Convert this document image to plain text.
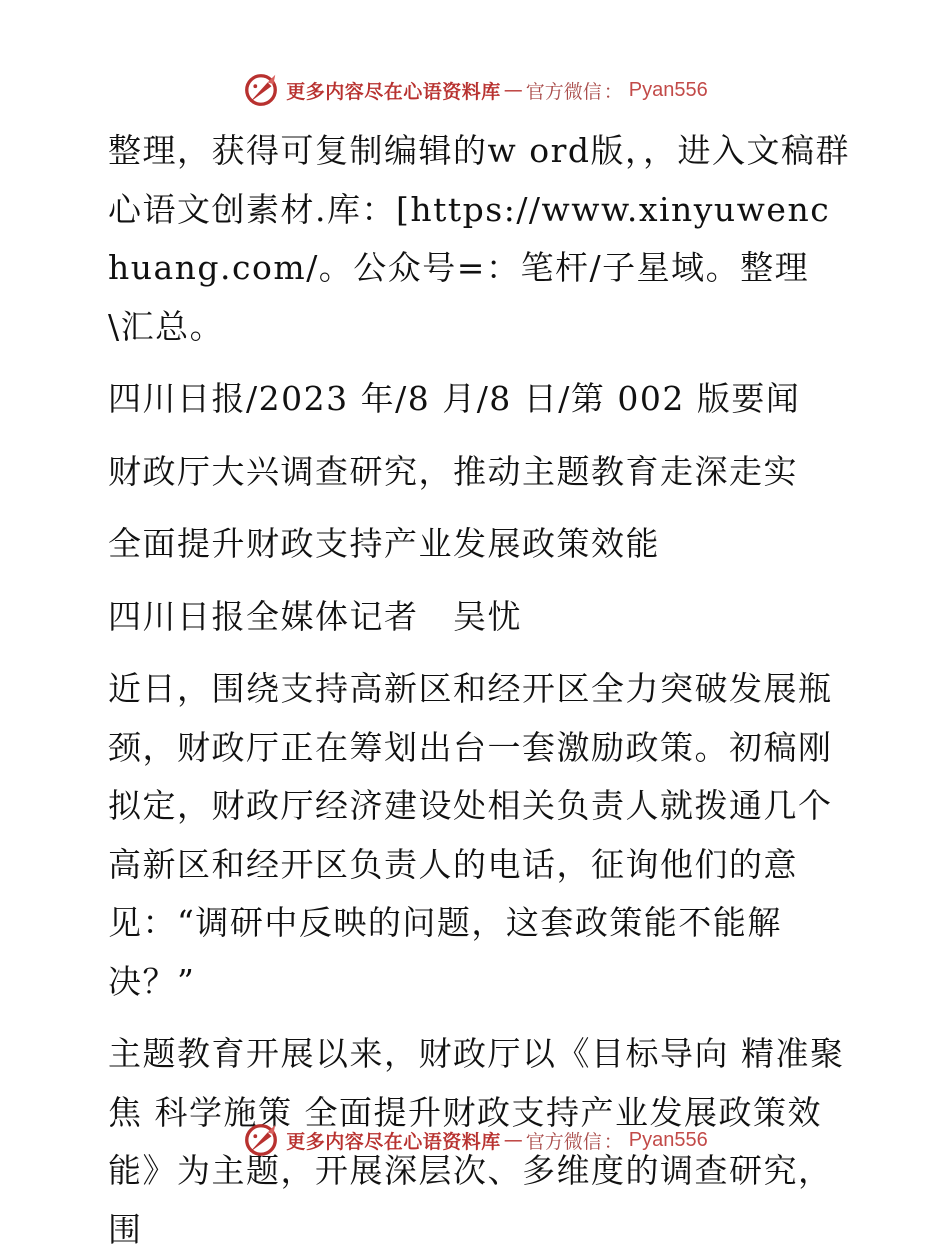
更多内容尽在心语资料库 — 官方微信 ： Pyan556

整理，获得可复制编辑的w ord版，，进入文稿群心语文创素材.库：[https://www.xinyuwenchuang.com/。公众号=：笔杆/子星域。整理\汇总。

四川日报/2023 年/8 月/8 日/第 002 版要闻

财政厅大兴调查研究，推动主题教育走深走实

全面提升财政支持产业发展政策效能

四川日报全媒体记者　吴忧

近日，围绕支持高新区和经开区全力突破发展瓶颈，财政厅正在筹划出台一套激励政策。初稿刚拟定，财政厅经济建设处相关负责人就拨通几个高新区和经开区负责人的电话，征询他们的意见：“调研中反映的问题，这套政策能不能解决？”

主题教育开展以来，财政厅以《目标导向 精准聚焦 科学施策 全面提升财政支持产业发展政策效能》为主题，开展深层次、多维度的调查研究，围

更多内容尽在心语资料库 — 官方微信 ： Pyan556
